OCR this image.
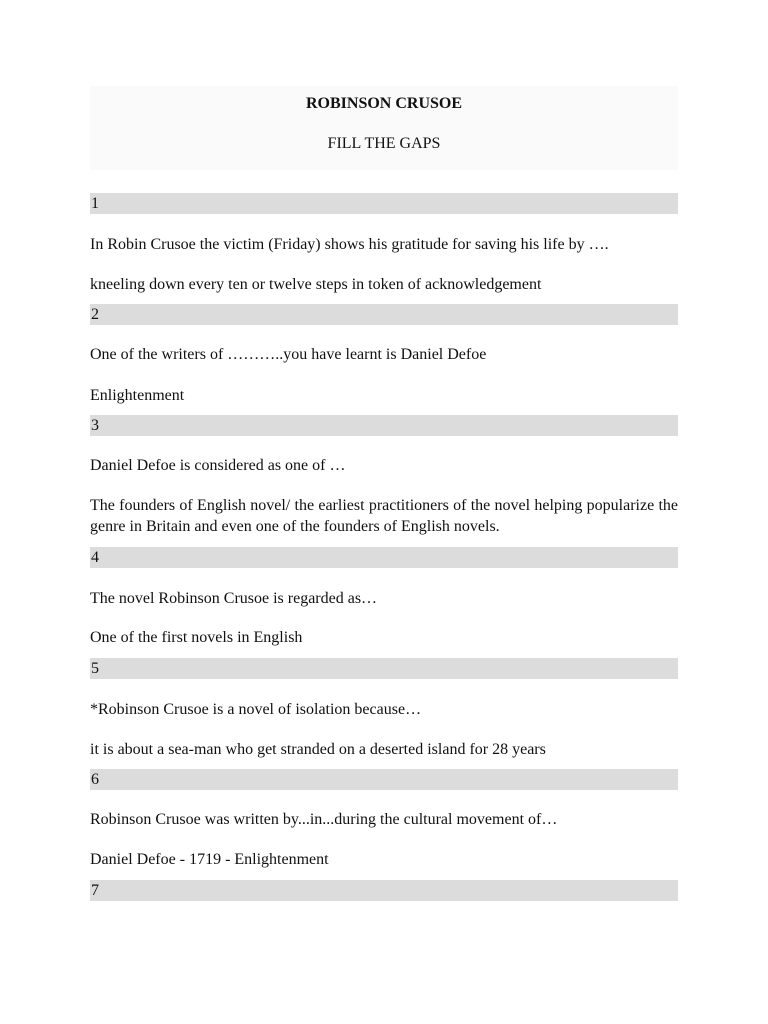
ROBINSON CRUSOE
FILL THE GAPS
1
In Robin Crusoe the victim (Friday) shows his gratitude for saving his life by ….
kneeling down every ten or twelve steps in token of acknowledgement
2
One of the writers of ………..you have learnt is Daniel Defoe
Enlightenment
3
Daniel Defoe is considered as one of …
The founders of English novel/ the earliest practitioners of the novel helping popularize the genre in Britain and even one of the founders of English novels.
4
The novel Robinson Crusoe is regarded as…
One of the first novels in English
5
*Robinson Crusoe is a novel of isolation because…
it is about a sea-man who get stranded on a deserted island for 28 years
6
Robinson Crusoe was written by...in...during the cultural movement of…
Daniel Defoe - 1719 - Enlightenment
7
